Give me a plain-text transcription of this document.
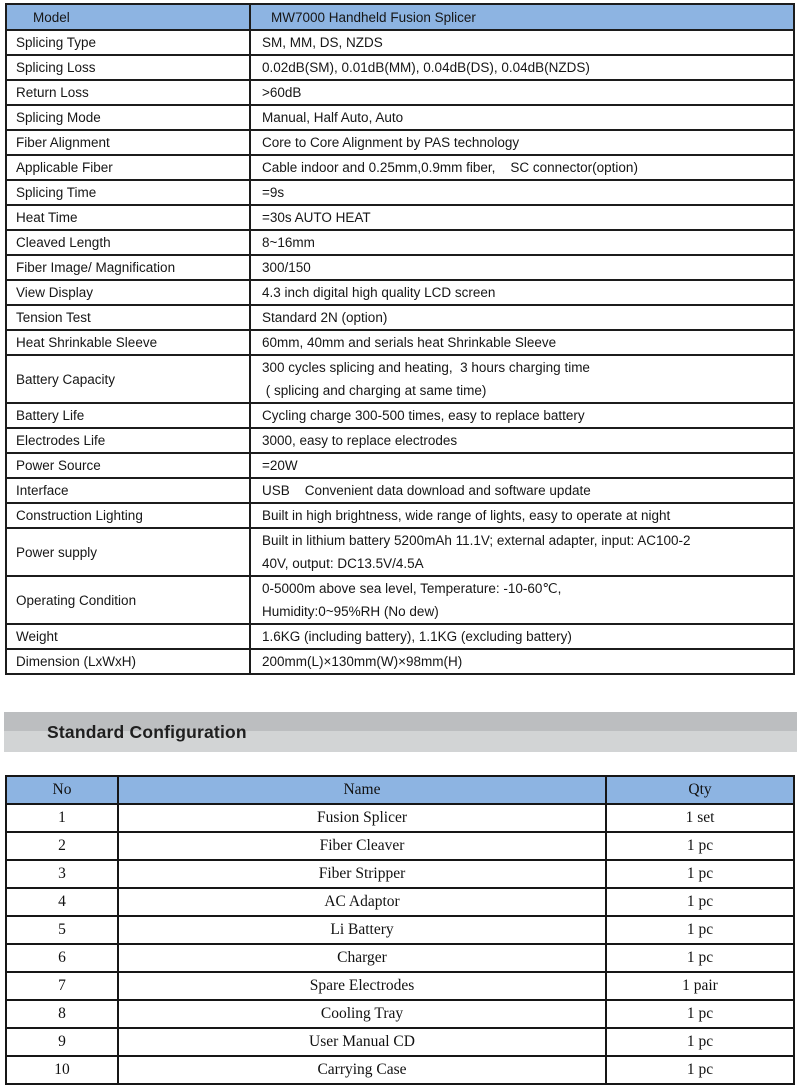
Model	MW7000 Handheld Fusion Splicer
Splicing Type	SM, MM, DS, NZDS

Splicing Loss	0.02dB(SM), 0.01dB(MM), 0.04dB(DS), 0.04dB(NZDS)

Return Loss	>60dB

Splicing Mode	Manual, Half Auto, Auto

Fiber Alignment	Core to Core Alignment by PAS technology

Applicable Fiber	Cable indoor and 0.25mm,0.9mm fiber,    SC connector(option)

Splicing Time	=9s

Heat Time	=30s AUTO HEAT

Cleaved Length	8~16mm

Fiber Image/ Magnification	300/150

View Display	4.3 inch digital high quality LCD screen

Tension Test	Standard 2N (option)

Heat Shrinkable Sleeve	60mm, 40mm and serials heat Shrinkable Sleeve

Battery Capacity	300 cycles splicing and heating,  3 hours charging time
( splicing and charging at same time)

Battery Life	Cycling charge 300-500 times, easy to replace battery

Electrodes Life	3000, easy to replace electrodes

Power Source	=20W

Interface	USB    Convenient data download and software update

Construction Lighting	Built in high brightness, wide range of lights, easy to operate at night

Power supply	Built in lithium battery 5200mAh 11.1V; external adapter, input: AC100-2
40V, output: DC13.5V/4.5A

Operating Condition	0-5000m above sea level, Temperature: -10-60℃,
Humidity:0~95%RH (No dew)

Weight	1.6KG (including battery), 1.1KG (excluding battery)

Dimension (LxWxH)	200mm(L)×130mm(W)×98mm(H)
Standard Configuration
No	Name	Qty
1	Fusion Splicer	1 set
2	Fiber Cleaver	1 pc
3	Fiber Stripper	1 pc
4	AC Adaptor	1 pc
5	Li Battery	1 pc
6	Charger	1 pc
7	Spare Electrodes	1 pair
8	Cooling Tray	1 pc
9	User Manual CD	1 pc
10	Carrying Case	1 pc
